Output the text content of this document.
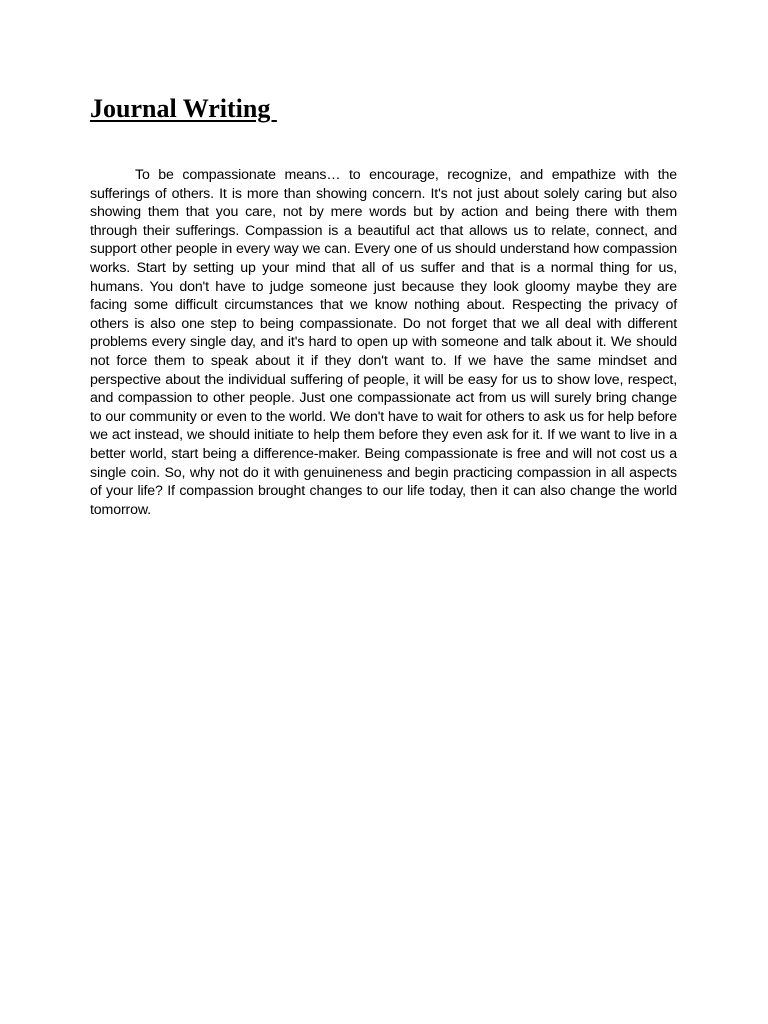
Journal Writing

To be compassionate means… to encourage, recognize, and empathize with the sufferings of others. It is more than showing concern. It's not just about solely caring but also showing them that you care, not by mere words but by action and being there with them through their sufferings. Compassion is a beautiful act that allows us to relate, connect, and support other people in every way we can. Every one of us should understand how compassion works. Start by setting up your mind that all of us suffer and that is a normal thing for us, humans. You don't have to judge someone just because they look gloomy maybe they are facing some difficult circumstances that we know nothing about. Respecting the privacy of others is also one step to being compassionate. Do not forget that we all deal with different problems every single day, and it's hard to open up with someone and talk about it. We should not force them to speak about it if they don't want to. If we have the same mindset and perspective about the individual suffering of people, it will be easy for us to show love, respect, and compassion to other people. Just one compassionate act from us will surely bring change to our community or even to the world. We don't have to wait for others to ask us for help before we act instead, we should initiate to help them before they even ask for it. If we want to live in a better world, start being a difference-maker. Being compassionate is free and will not cost us a single coin. So, why not do it with genuineness and begin practicing compassion in all aspects of your life? If compassion brought changes to our life today, then it can also change the world tomorrow.
